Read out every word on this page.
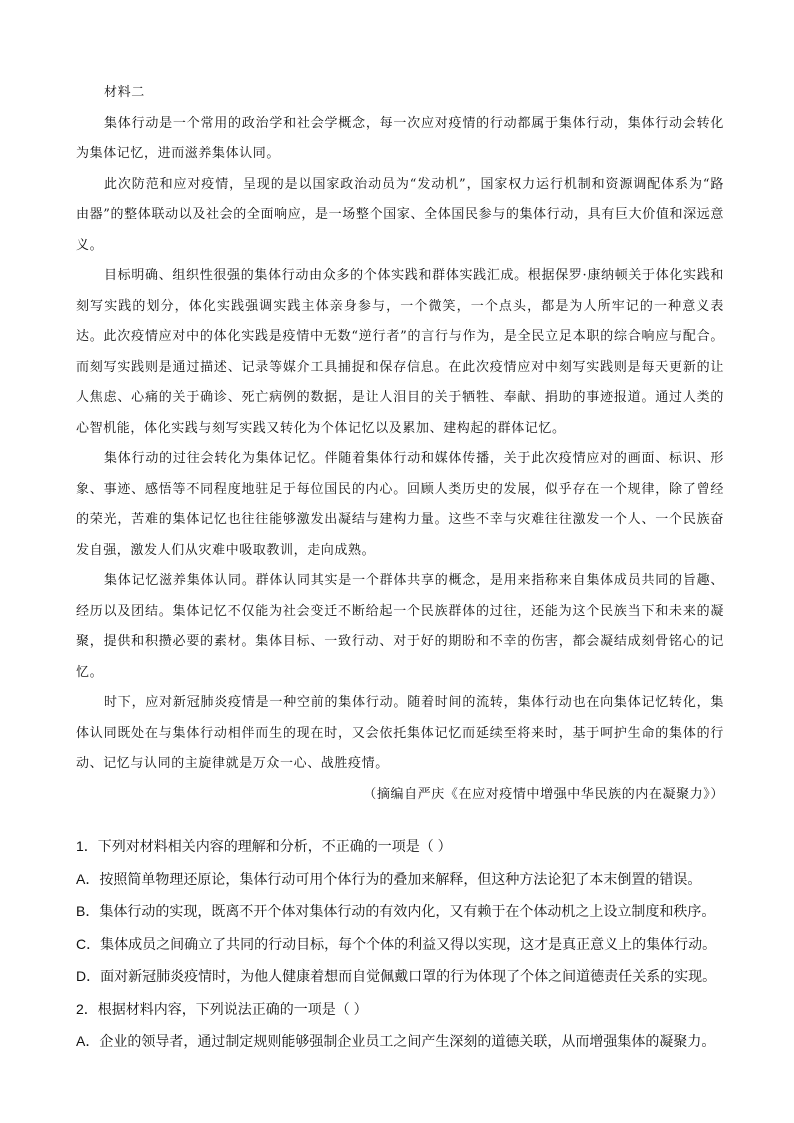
材料二

集体行动是一个常用的政治学和社会学概念，每一次应对疫情的行动都属于集体行动，集体行动会转化为集体记忆，进而滋养集体认同。

此次防范和应对疫情，呈现的是以国家政治动员为“发动机”，国家权力运行机制和资源调配体系为“路由器”的整体联动以及社会的全面响应，是一场整个国家、全体国民参与的集体行动，具有巨大价值和深远意义。

目标明确、组织性很强的集体行动由众多的个体实践和群体实践汇成。根据保罗·康纳顿关于体化实践和刻写实践的划分，体化实践强调实践主体亲身参与，一个微笑，一个点头，都是为人所牢记的一种意义表达。此次疫情应对中的体化实践是疫情中无数“逆行者”的言行与作为，是全民立足本职的综合响应与配合。而刻写实践则是通过描述、记录等媒介工具捕捉和保存信息。在此次疫情应对中刻写实践则是每天更新的让人焦虑、心痛的关于确诊、死亡病例的数据，是让人泪目的关于牺牲、奉献、捐助的事迹报道。通过人类的心智机能，体化实践与刻写实践又转化为个体记忆以及累加、建构起的群体记忆。

集体行动的过往会转化为集体记忆。伴随着集体行动和媒体传播，关于此次疫情应对的画面、标识、形象、事迹、感悟等不同程度地驻足于每位国民的内心。回顾人类历史的发展，似乎存在一个规律，除了曾经的荣光，苦难的集体记忆也往往能够激发出凝结与建构力量。这些不幸与灾难往往激发一个人、一个民族奋发自强，激发人们从灾难中吸取教训，走向成熟。

集体记忆滋养集体认同。群体认同其实是一个群体共享的概念，是用来指称来自集体成员共同的旨趣、经历以及团结。集体记忆不仅能为社会变迁不断给起一个民族群体的过往，还能为这个民族当下和未来的凝聚，提供和积攒必要的素材。集体目标、一致行动、对于好的期盼和不幸的伤害，都会凝结成刻骨铭心的记忆。

时下，应对新冠肺炎疫情是一种空前的集体行动。随着时间的流转，集体行动也在向集体记忆转化，集体认同既处在与集体行动相伴而生的现在时，又会依托集体记忆而延续至将来时，基于呵护生命的集体的行动、记忆与认同的主旋律就是万众一心、战胜疫情。

（摘编自严庆《在应对疫情中增强中华民族的内在凝聚力》）

1．下列对材料相关内容的理解和分析，不正确的一项是（ ）

A．按照简单物理还原论，集体行动可用个体行为的叠加来解释，但这种方法论犯了本末倒置的错误。

B．集体行动的实现，既离不开个体对集体行动的有效内化，又有赖于在个体动机之上设立制度和秩序。

C．集体成员之间确立了共同的行动目标，每个个体的利益又得以实现，这才是真正意义上的集体行动。

D．面对新冠肺炎疫情时，为他人健康着想而自觉佩戴口罩的行为体现了个体之间道德责任关系的实现。

2．根据材料内容，下列说法正确的一项是（ ）

A．企业的领导者，通过制定规则能够强制企业员工之间产生深刻的道德关联，从而增强集体的凝聚力。
